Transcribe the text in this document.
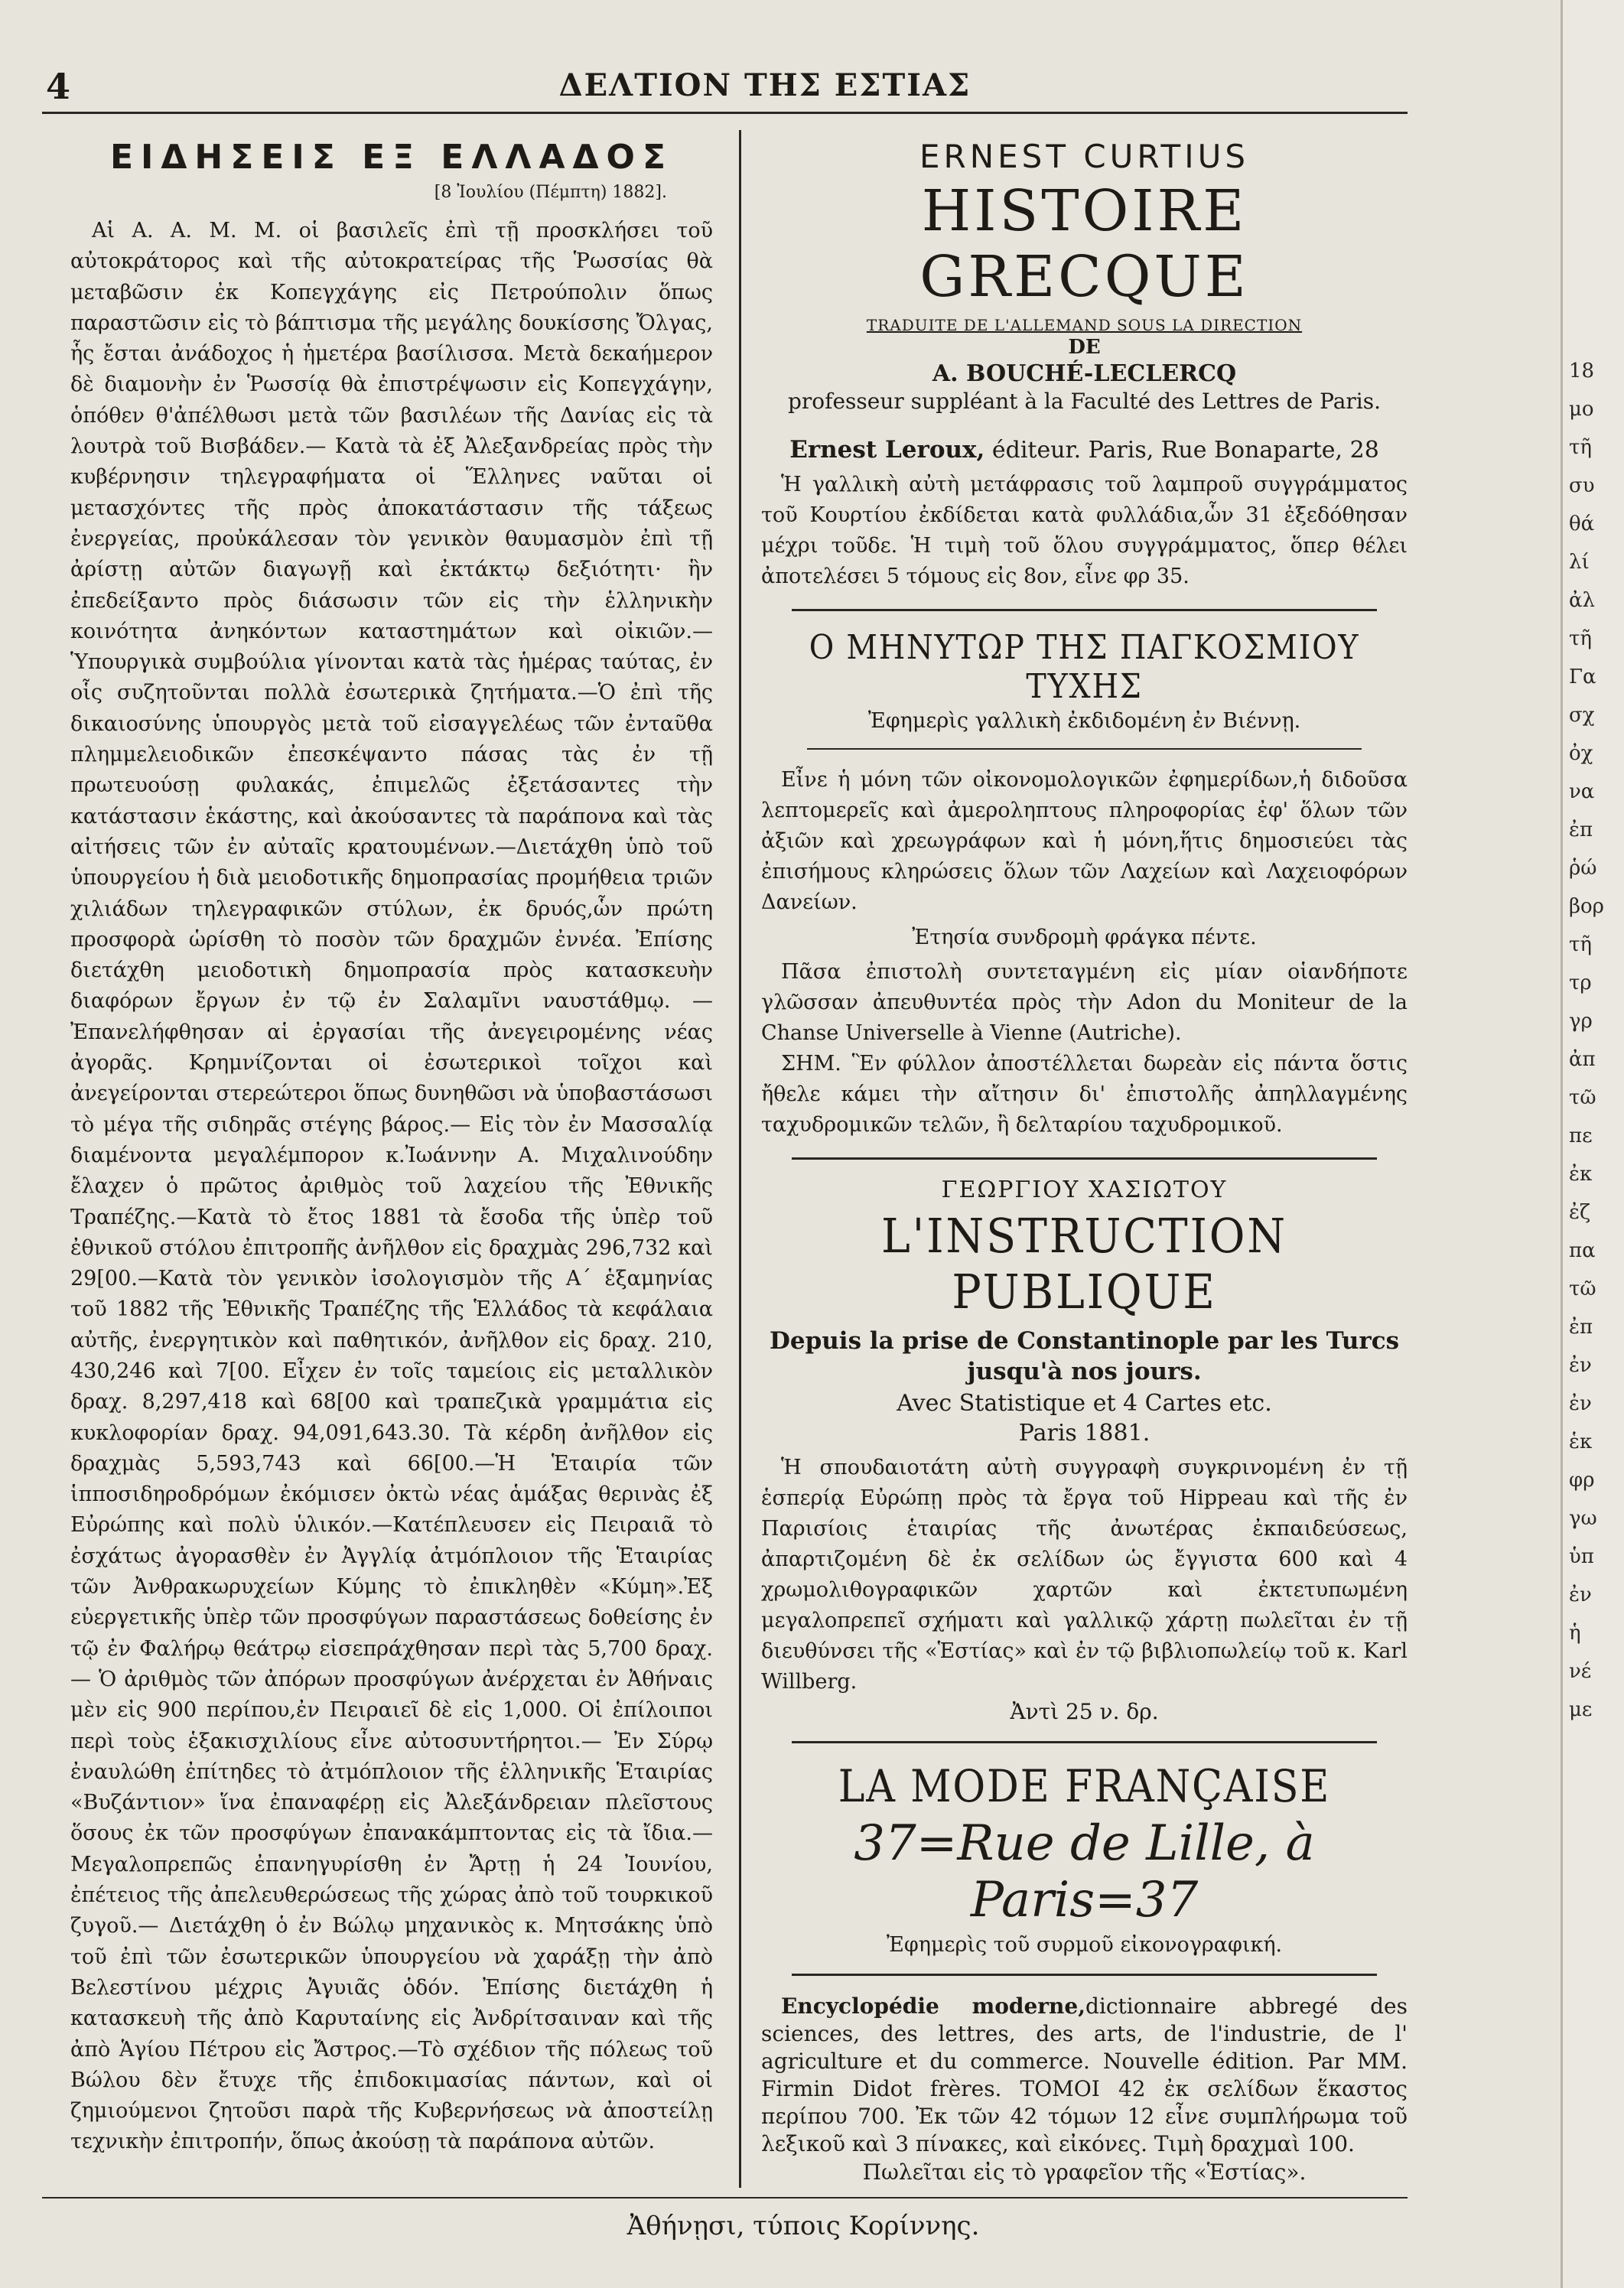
4	ΔΕΛΤΙΟΝ ΤΗΣ ΕΣΤΙΑΣ
ΕΙΔΗΣΕΙΣ ΕΞ ΕΛΛΑΔΟΣ
[8 Ἰουλίου (Πέμπτη) 1882].

Αἱ Α. Α. Μ. Μ. οἱ βασιλεῖς ἐπὶ τῇ προσκλήσει τοῦ αὐτοκράτορος καὶ τῆς αὐτοκρατείρας τῆς Ῥωσσίας θὰ μεταβῶσιν ἐκ Κοπεγχάγης εἰς Πετρούπολιν ὅπως παραστῶσιν εἰς τὸ βάπτισμα τῆς μεγάλης δουκίσσης Ὄλγας, ἧς ἔσται ἀνάδοχος ἡ ἡμετέρα βασίλισσα. Μετὰ δεκαήμερον δὲ διαμονὴν ἐν Ῥωσσίᾳ θὰ ἐπιστρέψωσιν εἰς Κοπεγχάγην, ὁπόθεν θ'ἀπέλθωσι μετὰ τῶν βασιλέων τῆς Δανίας εἰς τὰ λουτρὰ τοῦ Βισβάδεν.— Κατὰ τὰ ἐξ Ἀλεξανδρείας πρὸς τὴν κυβέρνησιν τηλεγραφήματα οἱ Ἕλληνες ναῦται οἱ μετασχόντες τῆς πρὸς ἀποκατάστασιν τῆς τάξεως ἐνεργείας, προὐκάλεσαν τὸν γενικὸν θαυμασμὸν ἐπὶ τῇ ἀρίστῃ αὐτῶν διαγωγῇ καὶ ἐκτάκτῳ δεξιότητι· ἣν ἐπεδείξαντο πρὸς διάσωσιν τῶν εἰς τὴν ἑλληνικὴν κοινότητα ἀνηκόντων καταστημάτων καὶ οἰκιῶν.—Ὑπουργικὰ συμβούλια γίνονται κατὰ τὰς ἡμέρας ταύτας, ἐν οἷς συζητοῦνται πολλὰ ἐσωτερικὰ ζητήματα.—Ὁ ἐπὶ τῆς δικαιοσύνης ὑπουργὸς μετὰ τοῦ εἰσαγγελέως τῶν ἐνταῦθα πλημμελειοδικῶν ἐπεσκέψαντο πάσας τὰς ἐν τῇ πρωτευούσῃ φυλακάς, ἐπιμελῶς ἐξετάσαντες τὴν κατάστασιν ἑκάστης, καὶ ἀκούσαντες τὰ παράπονα καὶ τὰς αἰτήσεις τῶν ἐν αὐταῖς κρατουμένων.—Διετάχθη ὑπὸ τοῦ ὑπουργείου ἡ διὰ μειοδοτικῆς δημοπρασίας προμήθεια τριῶν χιλιάδων τηλεγραφικῶν στύλων, ἐκ δρυός,ὧν πρώτη προσφορὰ ὡρίσθη τὸ ποσὸν τῶν δραχμῶν ἐννέα. Ἐπίσης διετάχθη μειοδοτικὴ δημοπρασία πρὸς κατασκευὴν διαφόρων ἔργων ἐν τῷ ἐν Σαλαμῖνι ναυστάθμῳ. — Ἐπανελήφθησαν αἱ ἐργασίαι τῆς ἀνεγειρομένης νέας ἀγορᾶς. Κρημνίζονται οἱ ἐσωτερικοὶ τοῖχοι καὶ ἀνεγείρονται στερεώτεροι ὅπως δυνηθῶσι νὰ ὑποβαστάσωσι τὸ μέγα τῆς σιδηρᾶς στέγης βάρος.— Εἰς τὸν ἐν Μασσαλίᾳ διαμένοντα μεγαλέμπορον κ.Ἰωάννην Α. Μιχαλινούδην ἔλαχεν ὁ πρῶτος ἀριθμὸς τοῦ λαχείου τῆς Ἐθνικῆς Τραπέζης.—Κατὰ τὸ ἔτος 1881 τὰ ἔσοδα τῆς ὑπὲρ τοῦ ἐθνικοῦ στόλου ἐπιτροπῆς ἀνῆλθον εἰς δραχμὰς 296,732 καὶ 29[00.—Κατὰ τὸν γενικὸν ἰσολογισμὸν τῆς Α΄ ἑξαμηνίας τοῦ 1882 τῆς Ἐθνικῆς Τραπέζης τῆς Ἑλλάδος τὰ κεφάλαια αὐτῆς, ἐνεργητικὸν καὶ παθητικόν, ἀνῆλθον εἰς δραχ. 210, 430,246 καὶ 7[00. Εἶχεν ἐν τοῖς ταμείοις εἰς μεταλλικὸν δραχ. 8,297,418 καὶ 68[00 καὶ τραπεζικὰ γραμμάτια εἰς κυκλοφορίαν δραχ. 94,091,643.30. Τὰ κέρδη ἀνῆλθον εἰς δραχμὰς 5,593,743 καὶ 66[00.—Ἡ Ἑταιρία τῶν ἱπποσιδηροδρόμων ἐκόμισεν ὀκτὼ νέας ἁμάξας θερινὰς ἐξ Εὐρώπης καὶ πολὺ ὑλικόν.—Κατέπλευσεν εἰς Πειραιᾶ τὸ ἐσχάτως ἀγορασθὲν ἐν Ἀγγλίᾳ ἀτμόπλοιον τῆς Ἑταιρίας τῶν Ἀνθρακωρυχείων Κύμης τὸ ἐπικληθὲν «Κύμη».Ἐξ εὐεργετικῆς ὑπὲρ τῶν προσφύγων παραστάσεως δοθείσης ἐν τῷ ἐν Φαλήρῳ θεάτρῳ εἰσεπράχθησαν περὶ τὰς 5,700 δραχ. — Ὁ ἀριθμὸς τῶν ἀπόρων προσφύγων ἀνέρχεται ἐν Ἀθήναις μὲν εἰς 900 περίπου,ἐν Πειραιεῖ δὲ εἰς 1,000. Οἱ ἐπίλοιποι περὶ τοὺς ἑξακισχιλίους εἶνε αὐτοσυντήρητοι.— Ἐν Σύρῳ ἐναυλώθη ἐπίτηδες τὸ ἀτμόπλοιον τῆς ἑλληνικῆς Ἑταιρίας «Βυζάντιον» ἵνα ἐπαναφέρῃ εἰς Ἀλεξάνδρειαν πλεῖστους ὅσους ἐκ τῶν προσφύγων ἐπανακάμπτοντας εἰς τὰ ἴδια.—Μεγαλοπρεπῶς ἐπανηγυρίσθη ἐν Ἄρτῃ ἡ 24 Ἰουνίου, ἐπέτειος τῆς ἀπελευθερώσεως τῆς χώρας ἀπὸ τοῦ τουρκικοῦ ζυγοῦ.— Διετάχθη ὁ ἐν Βώλῳ μηχανικὸς κ. Μητσάκης ὑπὸ τοῦ ἐπὶ τῶν ἐσωτερικῶν ὑπουργείου νὰ χαράξῃ τὴν ἀπὸ Βελεστίνου μέχρις Ἀγυιᾶς ὁδόν. Ἐπίσης διετάχθη ἡ κατασκευὴ τῆς ἀπὸ Καρυταίνης εἰς Ἀνδρίτσαιναν καὶ τῆς ἀπὸ Ἁγίου Πέτρου εἰς Ἄστρος.—Τὸ σχέδιον τῆς πόλεως τοῦ Βώλου δὲν ἔτυχε τῆς ἐπιδοκιμασίας πάντων, καὶ οἱ ζημιούμενοι ζητοῦσι παρὰ τῆς Κυβερνήσεως νὰ ἀποστείλῃ τεχνικὴν ἐπιτροπήν, ὅπως ἀκούσῃ τὰ παράπονα αὐτῶν.

ERNEST CURTIUS

HISTOIRE GRECQUE

TRADUITE DE L'ALLEMAND SOUS LA DIRECTION

DE

A. BOUCHÉ-LECLERCQ

professeur suppléant à la Faculté des Lettres de Paris.

Ernest Leroux, éditeur. Paris, Rue Bonaparte, 28

Ἡ γαλλικὴ αὐτὴ μετάφρασις τοῦ λαμπροῦ συγγράμματος τοῦ Κουρτίου ἐκδίδεται κατὰ φυλλάδια,ὧν 31 ἐξεδόθησαν μέχρι τοῦδε. Ἡ τιμὴ τοῦ ὅλου συγγράμματος, ὅπερ θέλει ἀποτελέσει 5 τόμους εἰς 8ον, εἶνε φρ 35.

Ο ΜΗΝΥΤΩΡ ΤΗΣ ΠΑΓΚΟΣΜΙΟΥ ΤΥΧΗΣ

Ἐφημερὶς γαλλικὴ ἐκδιδομένη ἐν Βιέννῃ.

Εἶνε ἡ μόνη τῶν οἰκονομολογικῶν ἐφημερίδων,ἡ διδοῦσα λεπτομερεῖς καὶ ἀμεροληπτους πληροφορίας ἐφ' ὅλων τῶν ἀξιῶν καὶ χρεωγράφων καὶ ἡ μόνη,ἥτις δημοσιεύει τὰς ἐπισήμους κληρώσεις ὅλων τῶν Λαχείων καὶ Λαχειοφόρων Δανείων.

Ἐτησία συνδρομὴ φράγκα πέντε.

Πᾶσα ἐπιστολὴ συντεταγμένη εἰς μίαν οἱανδήποτε γλῶσσαν ἀπευθυντέα πρὸς τὴν Adon du Moniteur de la Chanse Universelle à Vienne (Autriche).

ΣΗΜ. Ἓν φύλλον ἀποστέλλεται δωρεὰν εἰς πάντα ὅστις ἤθελε κάμει τὴν αἴτησιν δι' ἐπιστολῆς ἀπηλλαγμένης ταχυδρομικῶν τελῶν, ἢ δελταρίου ταχυδρομικοῦ.

ΓΕΩΡΓΙΟΥ ΧΑΣΙΩΤΟΥ

L'INSTRUCTION PUBLIQUE

Depuis la prise de Constantinople par les Turcs jusqu'à nos jours.

Avec Statistique et 4 Cartes etc.

Paris 1881.

Ἡ σπουδαιοτάτη αὐτὴ συγγραφὴ συγκρινομένη ἐν τῇ ἑσπερίᾳ Εὐρώπῃ πρὸς τὰ ἔργα τοῦ Hippeau καὶ τῆς ἐν Παρισίοις ἑταιρίας τῆς ἀνωτέρας ἐκπαιδεύσεως, ἀπαρτιζομένη δὲ ἐκ σελίδων ὡς ἔγγιστα 600 καὶ 4 χρωμολιθογραφικῶν χαρτῶν καὶ ἐκτετυπωμένη μεγαλοπρεπεῖ σχήματι καὶ γαλλικῷ χάρτῃ πωλεῖται ἐν τῇ διευθύνσει τῆς «Ἑστίας» καὶ ἐν τῷ βιβλιοπωλείῳ τοῦ κ. Karl Willberg.

Ἀντὶ 25 ν. δρ.

LA MODE FRANÇAISE

37=Rue de Lille, à Paris=37

Ἐφημερὶς τοῦ συρμοῦ εἰκονογραφική.

Encyclopédie moderne,dictionnaire abbregé des sciences, des lettres, des arts, de l'industrie, de l' agriculture et du commerce. Nouvelle édition. Par MM. Firmin Didot frères. ΤΟΜΟΙ 42 ἐκ σελίδων ἕκαστος περίπου 700. Ἐκ τῶν 42 τόμων 12 εἶνε συμπλήρωμα τοῦ λεξικοῦ καὶ 3 πίνακες, καὶ εἰκόνες. Τιμὴ δραχμαὶ 100.

Πωλεῖται εἰς τὸ γραφεῖον τῆς «Ἑστίας».

Ἀθήνῃσι, τύποις Κορίννης.
18
μο
τῆ
συ
θά
λί
ἀλ
τῆ
Γα
σχ
ὀχ
να
ἐπ
ῥώ
βορ
τῆ
τρ
γρ
ἀπ
τῶ
πε
ἐκ
ἐζ
πα
τῶ
ἐπ
ἐν
ἐν
ἑκ
φρ
γω
ὑπ
ἐν
ἡ
νέ
με
